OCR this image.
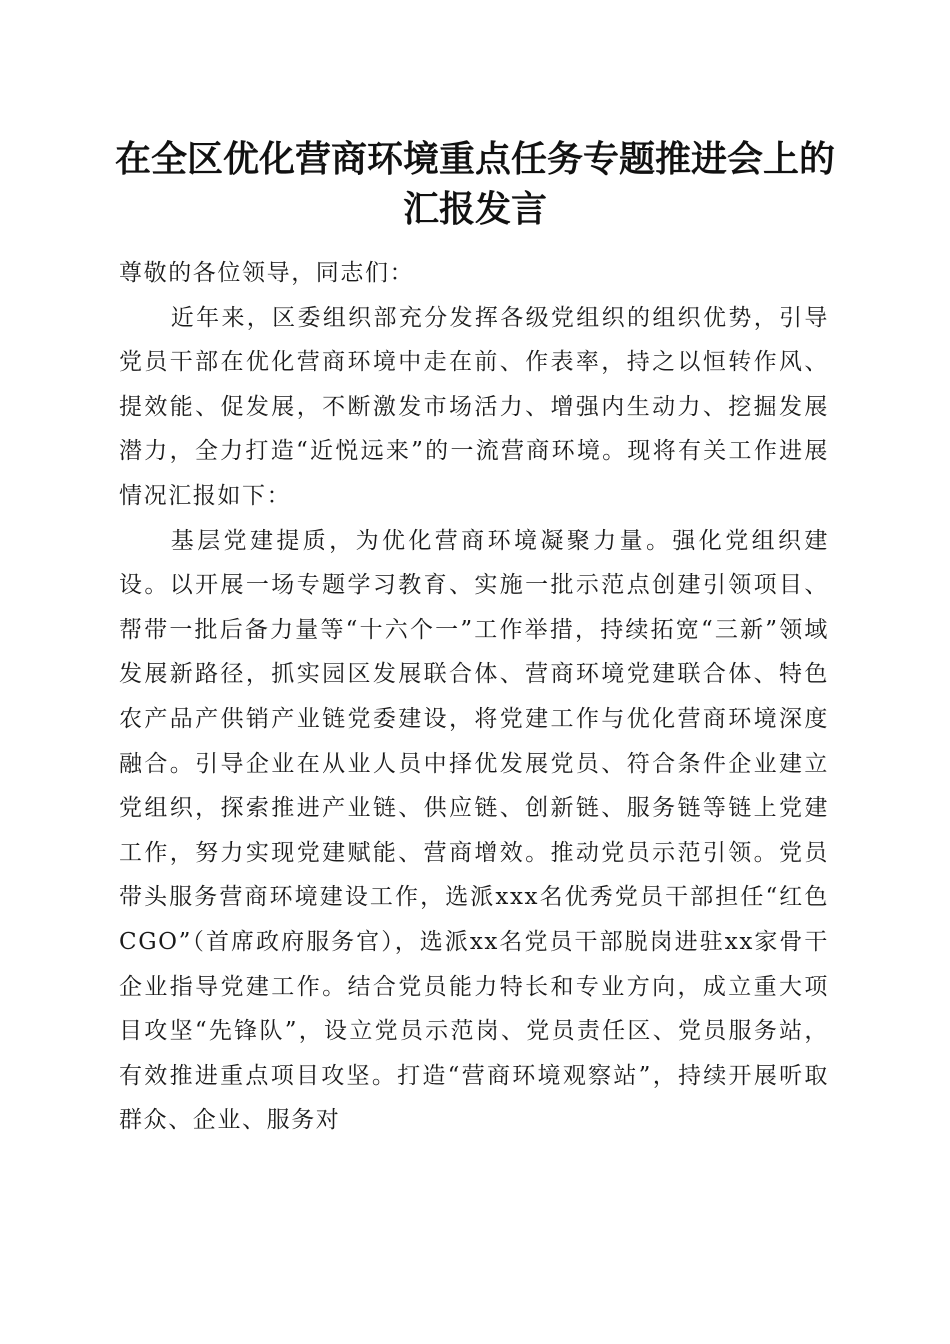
在全区优化营商环境重点任务专题推进会上的
汇报发言

尊敬的各位领导，同志们：

近年来，区委组织部充分发挥各级党组织的组织优势，引导党员干部在优化营商环境中走在前、作表率，持之以恒转作风、提效能、促发展，不断激发市场活力、增强内生动力、挖掘发展潜力，全力打造“近悦远来”的一流营商环境。现将有关工作进展情况汇报如下：

基层党建提质，为优化营商环境凝聚力量。强化党组织建设。以开展一场专题学习教育、实施一批示范点创建引领项目、帮带一批后备力量等“十六个一”工作举措，持续拓宽“三新”领域发展新路径，抓实园区发展联合体、营商环境党建联合体、特色农产品产供销产业链党委建设，将党建工作与优化营商环境深度融合。引导企业在从业人员中择优发展党员、符合条件企业建立党组织，探索推进产业链、供应链、创新链、服务链等链上党建工作，努力实现党建赋能、营商增效。推动党员示范引领。党员带头服务营商环境建设工作，选派xxx名优秀党员干部担任“红色CGO”（首席政府服务官），选派xx名党员干部脱岗进驻xx家骨干企业指导党建工作。结合党员能力特长和专业方向，成立重大项目攻坚“先锋队”，设立党员示范岗、党员责任区、党员服务站，有效推进重点项目攻坚。打造“营商环境观察站”，持续开展听取群众、企业、服务对
